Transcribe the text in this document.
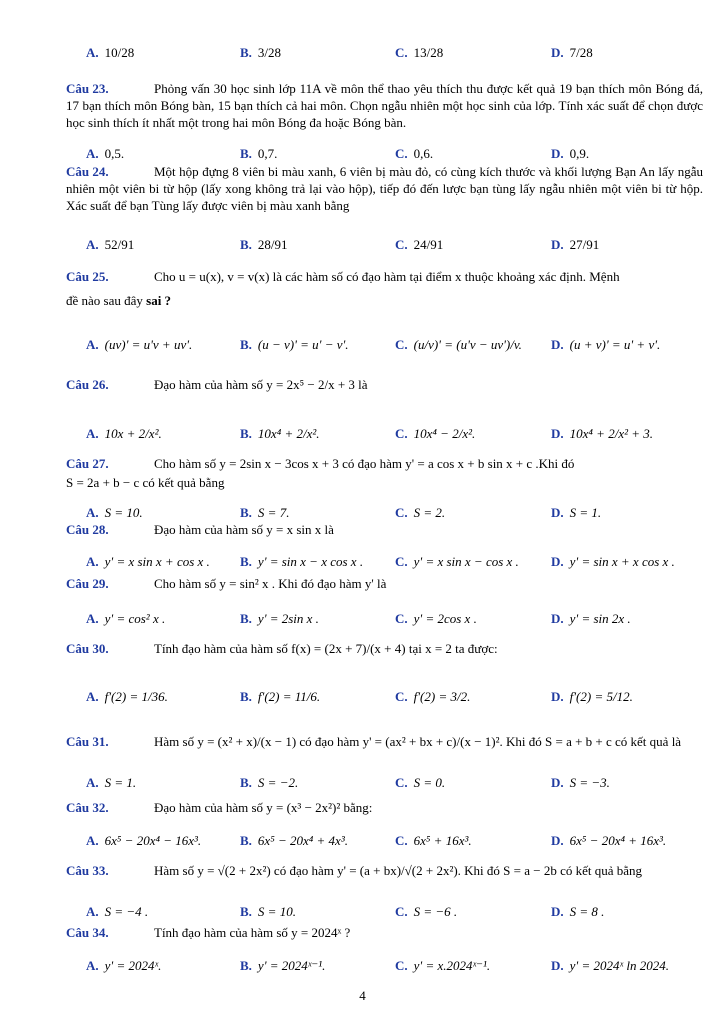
A. 10/28	B. 3/28	C. 13/28	D. 7/28
Câu 23.	Phỏng vấn 30 học sinh lớp 11A về môn thể thao yêu thích thu được kết quả 19 bạn thích môn Bóng đá, 17 bạn thích môn Bóng bàn, 15 bạn thích cả hai môn. Chọn ngẫu nhiên một học sinh của lớp. Tính xác suất để chọn được học sinh thích ít nhất một trong hai môn Bóng đa hoặc Bóng bàn.
A. 0,5.	B. 0,7.	C. 0,6.	D. 0,9.
Câu 24.	Một hộp đựng 8 viên bi màu xanh, 6 viên bị màu đỏ, có cùng kích thước và khối lượng Bạn An lấy ngẫu nhiên một viên bi từ hộp (lấy xong không trả lại vào hộp), tiếp đó đến lược bạn tùng lấy ngẫu nhiên một viên bi từ hộp. Xác suất để bạn Tùng lấy được viên bị màu xanh bằng
A. 52/91	B. 28/91	C. 24/91	D. 27/91
Câu 25.	Cho u = u(x), v = v(x) là các hàm số có đạo hàm tại điểm x thuộc khoảng xác định. Mệnh
đề nào sau đây sai ?
A. (uv)' = u'v + uv'.	B. (u − v)' = u' − v'.	C. (u/v)' = (u'v − uv')/v. D. (u + v)' = u' + v'.
Câu 26.	Đạo hàm của hàm số y = 2x⁵ − 2/x + 3 là
A. 10x + 2/x².	B. 10x⁴ + 2/x².	C. 10x⁴ − 2/x².	D. 10x⁴ + 2/x² + 3.
Câu 27.	Cho hàm số y = 2sin x − 3cos x + 3 có đạo hàm y' = a cos x + b sin x + c .Khi đó
S = 2a + b − c có kết quả bằng
A. S = 10.	B. S = 7.	C. S = 2.	D. S = 1.
Câu 28.	Đạo hàm của hàm số y = x sin x là
A. y' = x sin x + cos x . B. y' = sin x − x cos x . C. y' = x sin x − cos x . D. y' = sin x + x cos x .
Câu 29.	Cho hàm số y = sin² x . Khi đó đạo hàm y' là
A. y' = cos² x .	B. y' = 2sin x .	C. y' = 2cos x .	D. y' = sin 2x .
Câu 30.	Tính đạo hàm của hàm số f(x) = (2x + 7)/(x + 4) tại x = 2 ta được:
A. f'(2) = 1/36.	B. f'(2) = 11/6.	C. f'(2) = 3/2.	D. f'(2) = 5/12.
Câu 31.	Hàm số y = (x² + x)/(x − 1) có đạo hàm y' = (ax² + bx + c)/(x − 1)². Khi đó S = a + b + c có kết quả là
A. S = 1.	B. S = −2.	C. S = 0.	D. S = −3.
Câu 32.	Đạo hàm của hàm số y = (x³ − 2x²)² bằng:
A. 6x⁵ − 20x⁴ − 16x³.	B. 6x⁵ − 20x⁴ + 4x³.	C. 6x⁵ + 16x³.	D. 6x⁵ − 20x⁴ + 16x³.
Câu 33.	Hàm số y = √(2 + 2x²) có đạo hàm y' = (a + bx)/√(2 + 2x²). Khi đó S = a − 2b có kết quả bằng
A. S = −4 .	B. S = 10.	C. S = −6 .	D. S = 8 .
Câu 34.	Tính đạo hàm của hàm số y = 2024ˣ ?
A. y' = 2024ˣ.	B. y' = 2024ˣ⁻¹.	C. y' = x.2024ˣ⁻¹.	D. y' = 2024ˣ ln 2024.
4
